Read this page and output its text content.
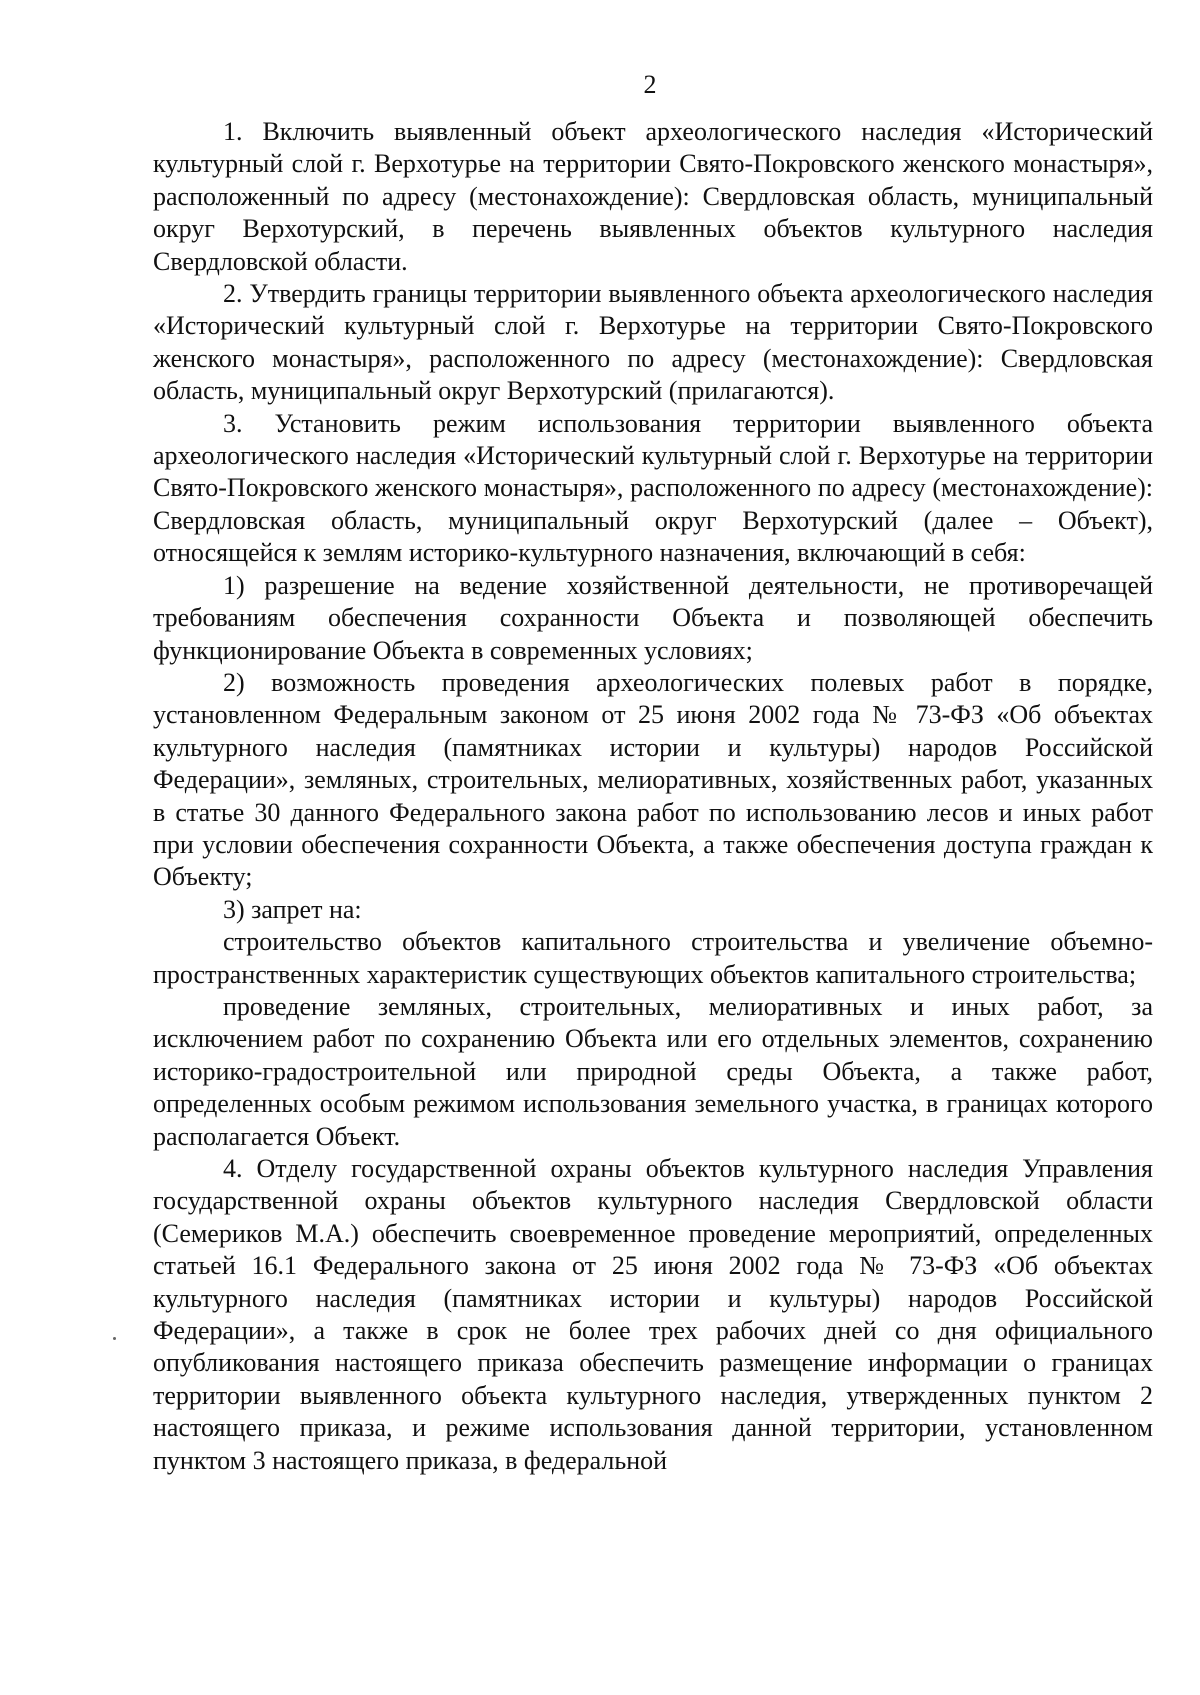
2

1. Включить выявленный объект археологического наследия «Исторический культурный слой г. Верхотурье на территории Свято-Покровского женского монастыря», расположенный по адресу (местонахождение): Свердловская область, муниципальный округ Верхотурский, в перечень выявленных объектов культурного наследия Свердловской области.

2. Утвердить границы территории выявленного объекта археологического наследия «Исторический культурный слой г. Верхотурье на территории Свято-Покровского женского монастыря», расположенного по адресу (местонахождение): Свердловская область, муниципальный округ Верхотурский (прилагаются).

3. Установить режим использования территории выявленного объекта археологического наследия «Исторический культурный слой г. Верхотурье на территории Свято-Покровского женского монастыря», расположенного по адресу (местонахождение): Свердловская область, муниципальный округ Верхотурский (далее – Объект), относящейся к землям историко-культурного назначения, включающий в себя:

1) разрешение на ведение хозяйственной деятельности, не противоречащей требованиям обеспечения сохранности Объекта и позволяющей обеспечить функционирование Объекта в современных условиях;

2) возможность проведения археологических полевых работ в порядке, установленном Федеральным законом от 25 июня 2002 года № 73-ФЗ «Об объектах культурного наследия (памятниках истории и культуры) народов Российской Федерации», земляных, строительных, мелиоративных, хозяйственных работ, указанных в статье 30 данного Федерального закона работ по использованию лесов и иных работ при условии обеспечения сохранности Объекта, а также обеспечения доступа граждан к Объекту;

3) запрет на:

строительство объектов капитального строительства и увеличение объемно-пространственных характеристик существующих объектов капитального строительства;

проведение земляных, строительных, мелиоративных и иных работ, за исключением работ по сохранению Объекта или его отдельных элементов, сохранению историко-градостроительной или природной среды Объекта, а также работ, определенных особым режимом использования земельного участка, в границах которого располагается Объект.

4. Отделу государственной охраны объектов культурного наследия Управления государственной охраны объектов культурного наследия Свердловской области (Семериков М.А.) обеспечить своевременное проведение мероприятий, определенных статьей 16.1 Федерального закона от 25 июня 2002 года № 73-ФЗ «Об объектах культурного наследия (памятниках истории и культуры) народов Российской Федерации», а также в срок не более трех рабочих дней со дня официального опубликования настоящего приказа обеспечить размещение информации о границах территории выявленного объекта культурного наследия, утвержденных пунктом 2 настоящего приказа, и режиме использования данной территории, установленном пунктом 3 настоящего приказа, в федеральной
